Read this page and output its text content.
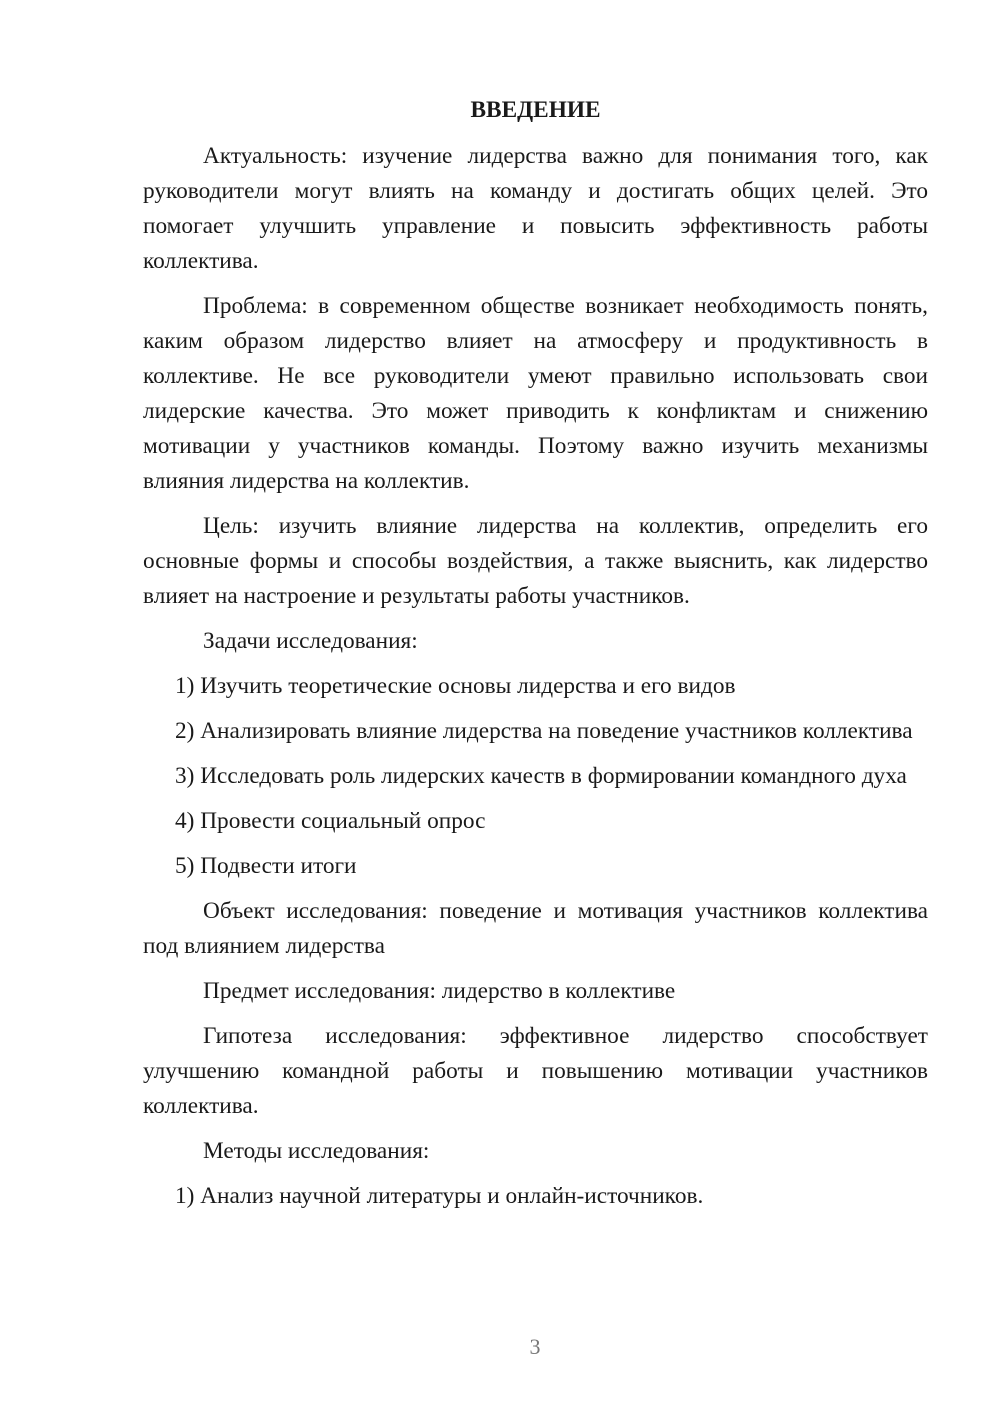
ВВЕДЕНИЕ

Актуальность: изучение лидерства важно для понимания того, как руководители могут влиять на команду и достигать общих целей. Это помогает улучшить управление и повысить эффективность работы коллектива.

Проблема: в современном обществе возникает необходимость понять, каким образом лидерство влияет на атмосферу и продуктивность в коллективе. Не все руководители умеют правильно использовать свои лидерские качества. Это может приводить к конфликтам и снижению мотивации у участников команды. Поэтому важно изучить механизмы влияния лидерства на коллектив.

Цель: изучить влияние лидерства на коллектив, определить его основные формы и способы воздействия, а также выяснить, как лидерство влияет на настроение и результаты работы участников.

Задачи исследования:

1) Изучить теоретические основы лидерства и его видов

2) Анализировать влияние лидерства на поведение участников коллектива

3) Исследовать роль лидерских качеств в формировании командного духа

4) Провести социальный опрос

5) Подвести итоги

Объект исследования: поведение и мотивация участников коллектива под влиянием лидерства

Предмет исследования: лидерство в коллективе

Гипотеза исследования: эффективное лидерство способствует улучшению командной работы и повышению мотивации участников коллектива.

Методы исследования:

1) Анализ научной литературы и онлайн-источников.

3
